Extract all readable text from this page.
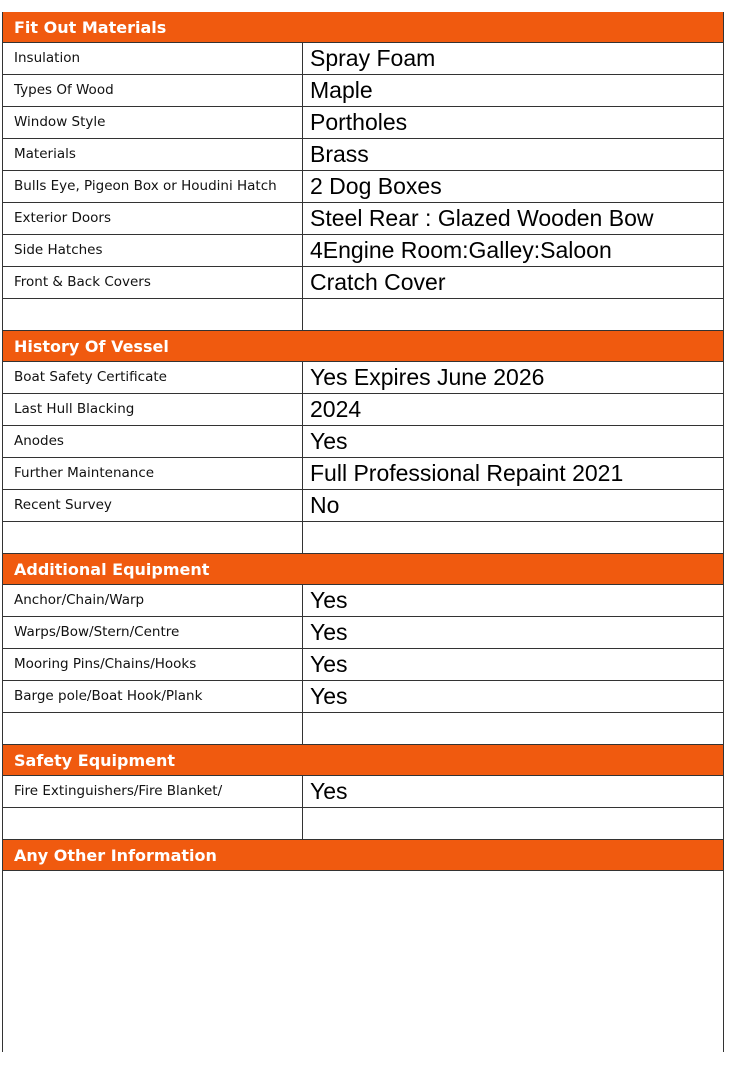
Fit Out Materials
Insulation	Spray Foam
Types Of Wood	Maple
Window Style	Portholes
Materials	Brass
Bulls Eye, Pigeon Box or Houdini Hatch	2 Dog Boxes
Exterior Doors	Steel Rear : Glazed Wooden Bow
Side Hatches	4Engine Room:Galley:Saloon
Front & Back Covers	Cratch Cover
History Of Vessel
Boat Safety Certificate	Yes Expires June 2026
Last Hull Blacking	2024
Anodes	Yes
Further Maintenance	Full Professional Repaint 2021
Recent Survey	No
Additional Equipment
Anchor/Chain/Warp	Yes
Warps/Bow/Stern/Centre	Yes
Mooring Pins/Chains/Hooks	Yes
Barge pole/Boat Hook/Plank	Yes
Safety Equipment
Fire Extinguishers/Fire Blanket/	Yes
Any Other Information
